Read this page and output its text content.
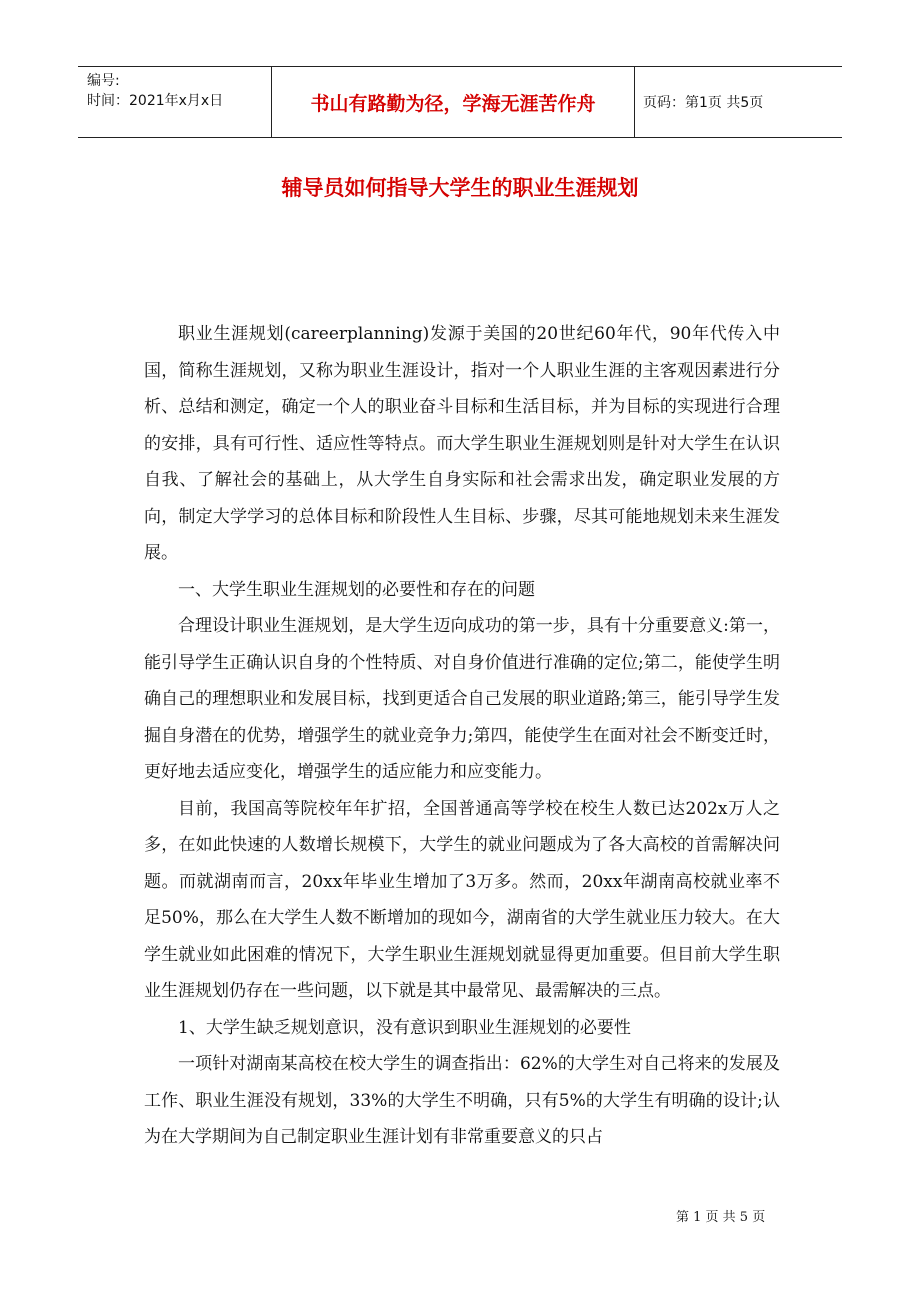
编号:
时间：2021年x月x日	书山有路勤为径，学海无涯苦作舟	页码：第1页 共5页
辅导员如何指导大学生的职业生涯规划

职业生涯规划(careerplanning)发源于美国的20世纪60年代，90年代传入中国，简称生涯规划，又称为职业生涯设计，指对一个人职业生涯的主客观因素进行分析、总结和测定，确定一个人的职业奋斗目标和生活目标，并为目标的实现进行合理的安排，具有可行性、适应性等特点。而大学生职业生涯规划则是针对大学生在认识自我、了解社会的基础上，从大学生自身实际和社会需求出发，确定职业发展的方向，制定大学学习的总体目标和阶段性人生目标、步骤，尽其可能地规划未来生涯发展。

一、大学生职业生涯规划的必要性和存在的问题

合理设计职业生涯规划，是大学生迈向成功的第一步，具有十分重要意义:第一，能引导学生正确认识自身的个性特质、对自身价值进行准确的定位;第二，能使学生明确自己的理想职业和发展目标，找到更适合自己发展的职业道路;第三，能引导学生发掘自身潜在的优势，增强学生的就业竞争力;第四，能使学生在面对社会不断变迁时，更好地去适应变化，增强学生的适应能力和应变能力。

目前，我国高等院校年年扩招，全国普通高等学校在校生人数已达202x万人之多，在如此快速的人数增长规模下，大学生的就业问题成为了各大高校的首需解决问题。而就湖南而言，20xx年毕业生增加了3万多。然而，20xx年湖南高校就业率不足50%，那么在大学生人数不断增加的现如今，湖南省的大学生就业压力较大。在大学生就业如此困难的情况下，大学生职业生涯规划就显得更加重要。但目前大学生职业生涯规划仍存在一些问题，以下就是其中最常见、最需解决的三点。

1、大学生缺乏规划意识，没有意识到职业生涯规划的必要性

一项针对湖南某高校在校大学生的调查指出：62%的大学生对自己将来的发展及工作、职业生涯没有规划，33%的大学生不明确，只有5%的大学生有明确的设计;认为在大学期间为自己制定职业生涯计划有非常重要意义的只占

第 1 页 共 5 页
